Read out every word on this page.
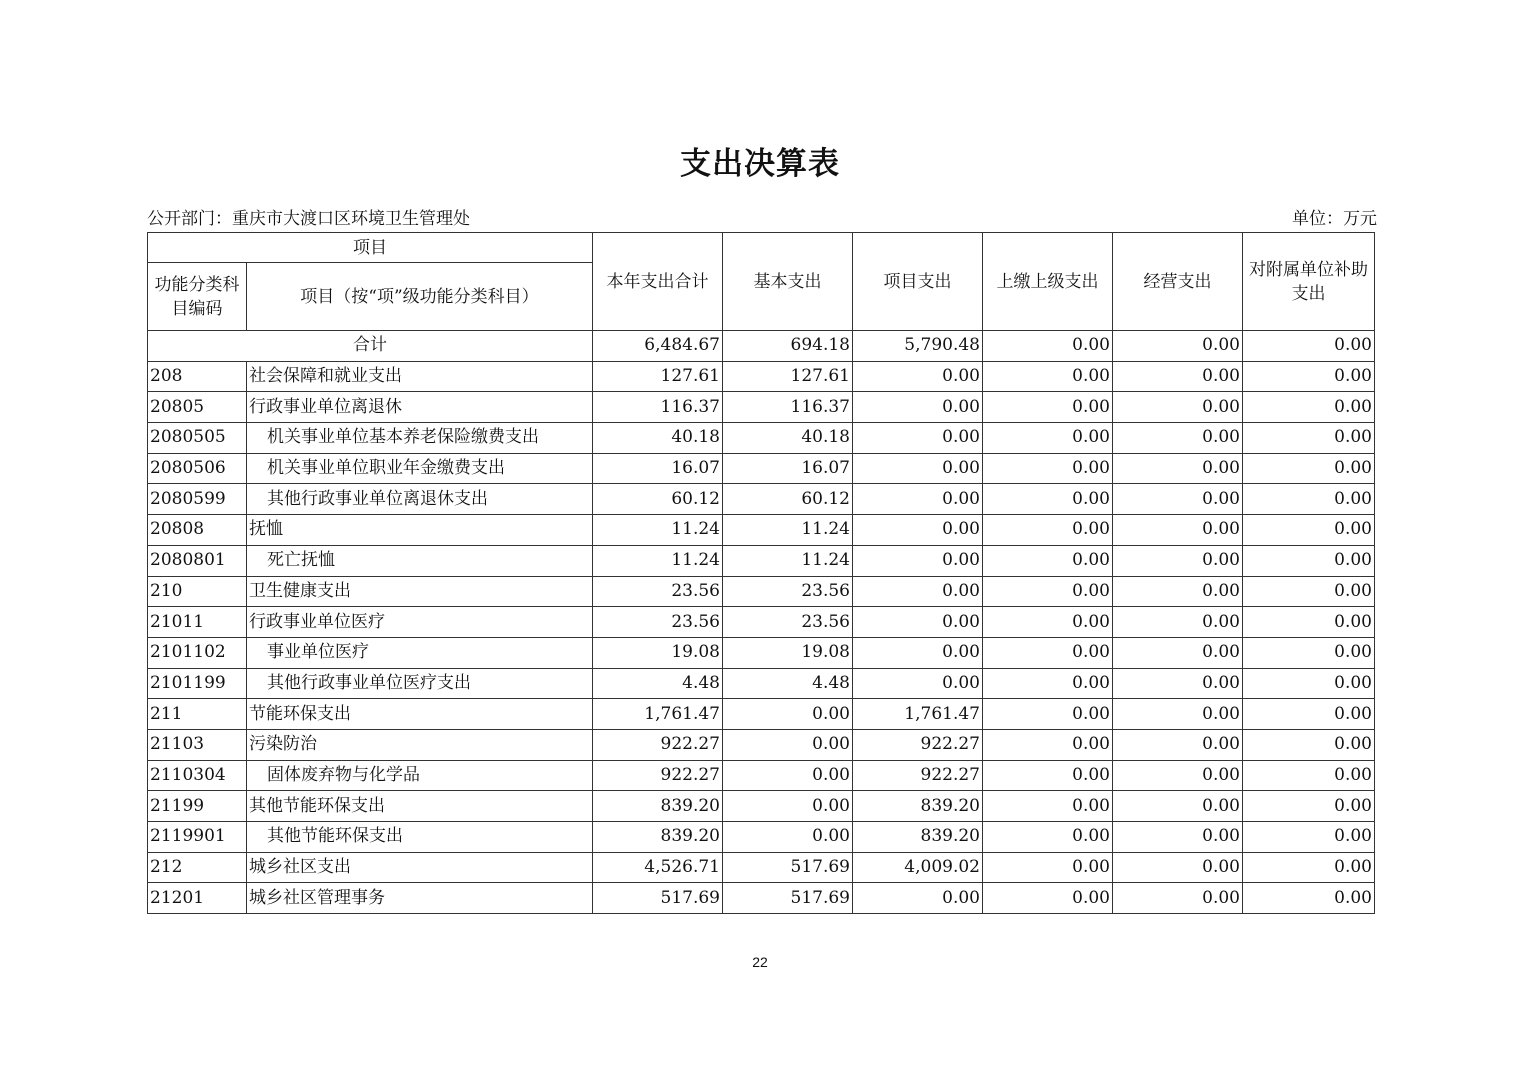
支出决算表
公开部门：重庆市大渡口区环境卫生管理处	单位：万元
项目		本年支出合计	基本支出	项目支出	上缴上级支出	经营支出	对附属单位补助支出
功能分类科目编码	项目（按“项”级功能分类科目）						
合计		6,484.67	694.18	5,790.48	0.00	0.00	0.00
208	社会保障和就业支出	127.61	127.61	0.00	0.00	0.00	0.00
20805	行政事业单位离退休	116.37	116.37	0.00	0.00	0.00	0.00
2080505	机关事业单位基本养老保险缴费支出	40.18	40.18	0.00	0.00	0.00	0.00
2080506	机关事业单位职业年金缴费支出	16.07	16.07	0.00	0.00	0.00	0.00
2080599	其他行政事业单位离退休支出	60.12	60.12	0.00	0.00	0.00	0.00
20808	抚恤	11.24	11.24	0.00	0.00	0.00	0.00
2080801	死亡抚恤	11.24	11.24	0.00	0.00	0.00	0.00
210	卫生健康支出	23.56	23.56	0.00	0.00	0.00	0.00
21011	行政事业单位医疗	23.56	23.56	0.00	0.00	0.00	0.00
2101102	事业单位医疗	19.08	19.08	0.00	0.00	0.00	0.00
2101199	其他行政事业单位医疗支出	4.48	4.48	0.00	0.00	0.00	0.00
211	节能环保支出	1,761.47	0.00	1,761.47	0.00	0.00	0.00
21103	污染防治	922.27	0.00	922.27	0.00	0.00	0.00
2110304	固体废弃物与化学品	922.27	0.00	922.27	0.00	0.00	0.00
21199	其他节能环保支出	839.20	0.00	839.20	0.00	0.00	0.00
2119901	其他节能环保支出	839.20	0.00	839.20	0.00	0.00	0.00
212	城乡社区支出	4,526.71	517.69	4,009.02	0.00	0.00	0.00
21201	城乡社区管理事务	517.69	517.69	0.00	0.00	0.00	0.00
22
